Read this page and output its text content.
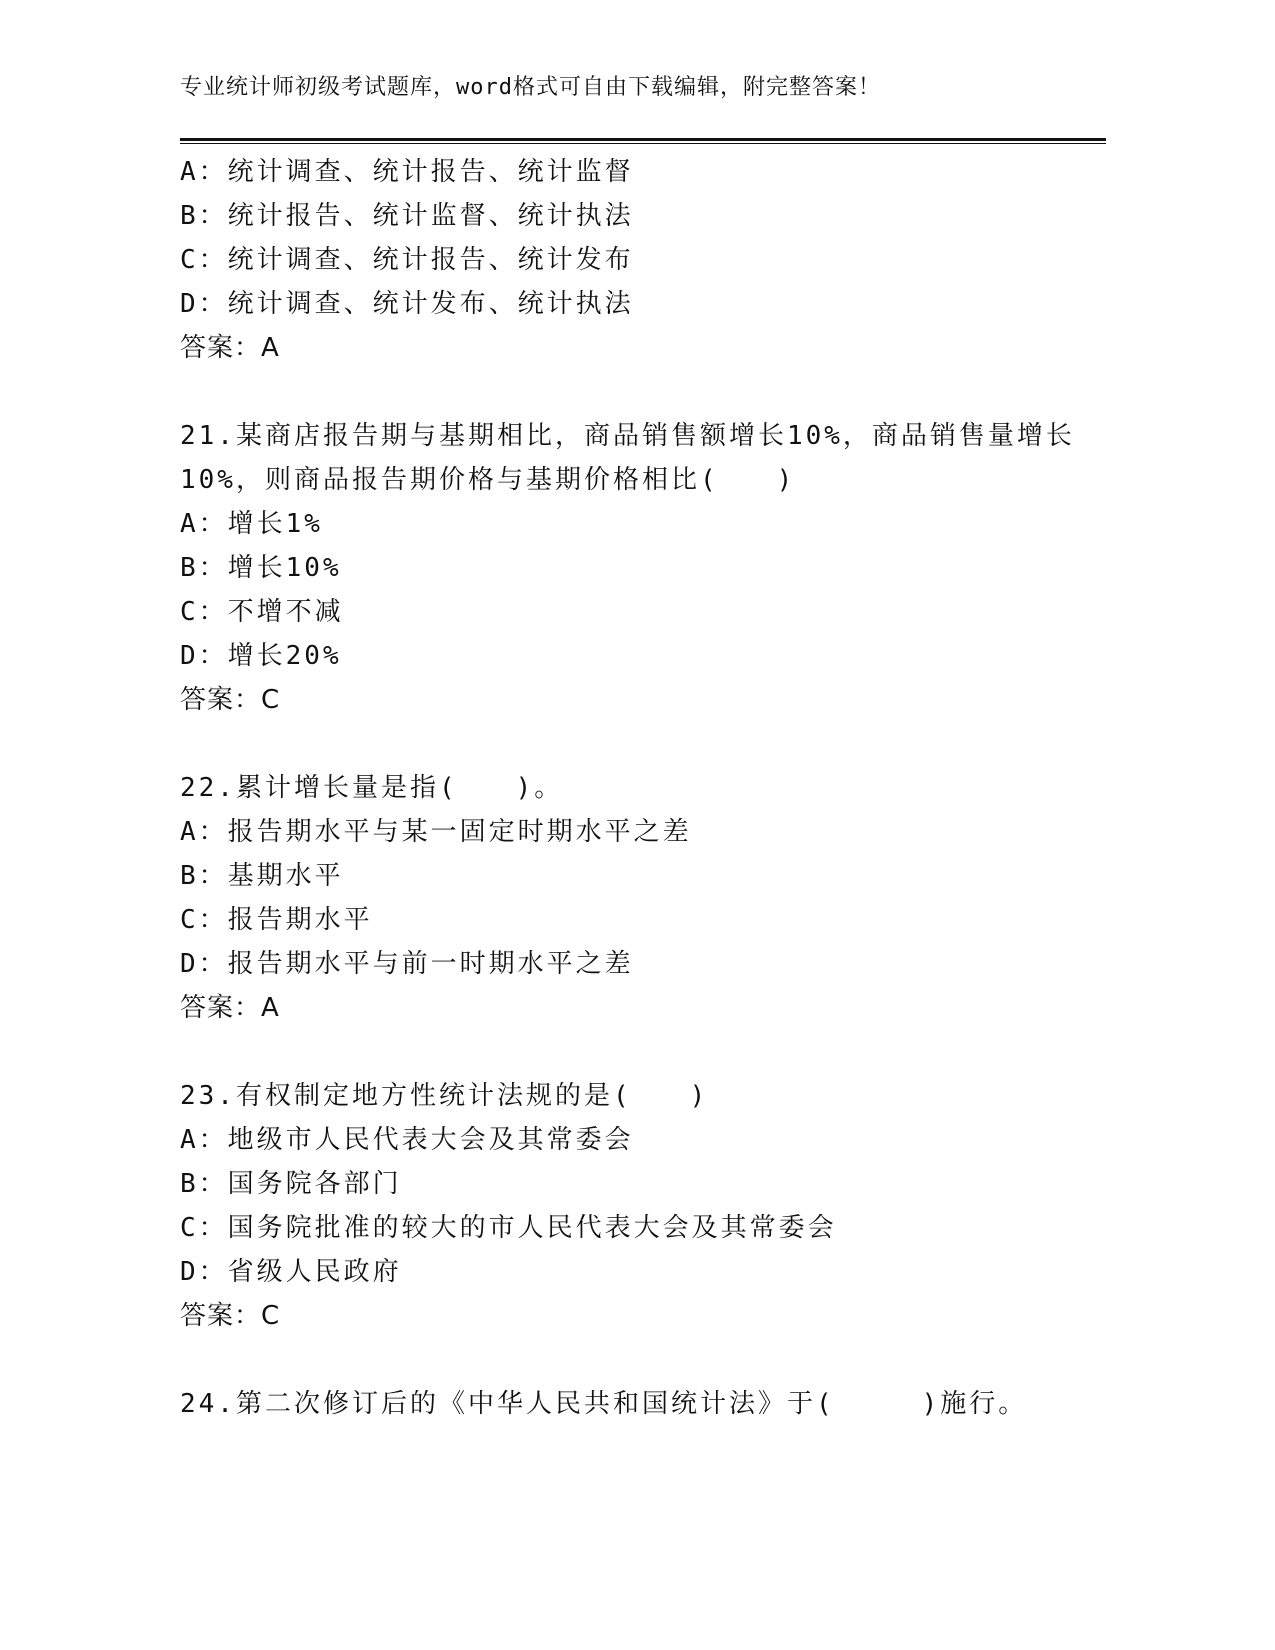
专业统计师初级考试题库，word格式可自由下载编辑，附完整答案！
A：统计调查、统计报告、统计监督
B：统计报告、统计监督、统计执法
C：统计调查、统计报告、统计发布
D：统计调查、统计发布、统计执法
答案：A
21.某商店报告期与基期相比，商品销售额增长10%，商品销售量增长
10%，则商品报告期价格与基期价格相比(　　)
A：增长1%
B：增长10%
C：不增不减
D：增长20%
答案：C
22.累计增长量是指(　　)。
A：报告期水平与某一固定时期水平之差
B：基期水平
C：报告期水平
D：报告期水平与前一时期水平之差
答案：A
23.有权制定地方性统计法规的是(　　)
A：地级市人民代表大会及其常委会
B：国务院各部门
C：国务院批准的较大的市人民代表大会及其常委会
D：省级人民政府
答案：C
24.第二次修订后的《中华人民共和国统计法》于(　　　)施行。
